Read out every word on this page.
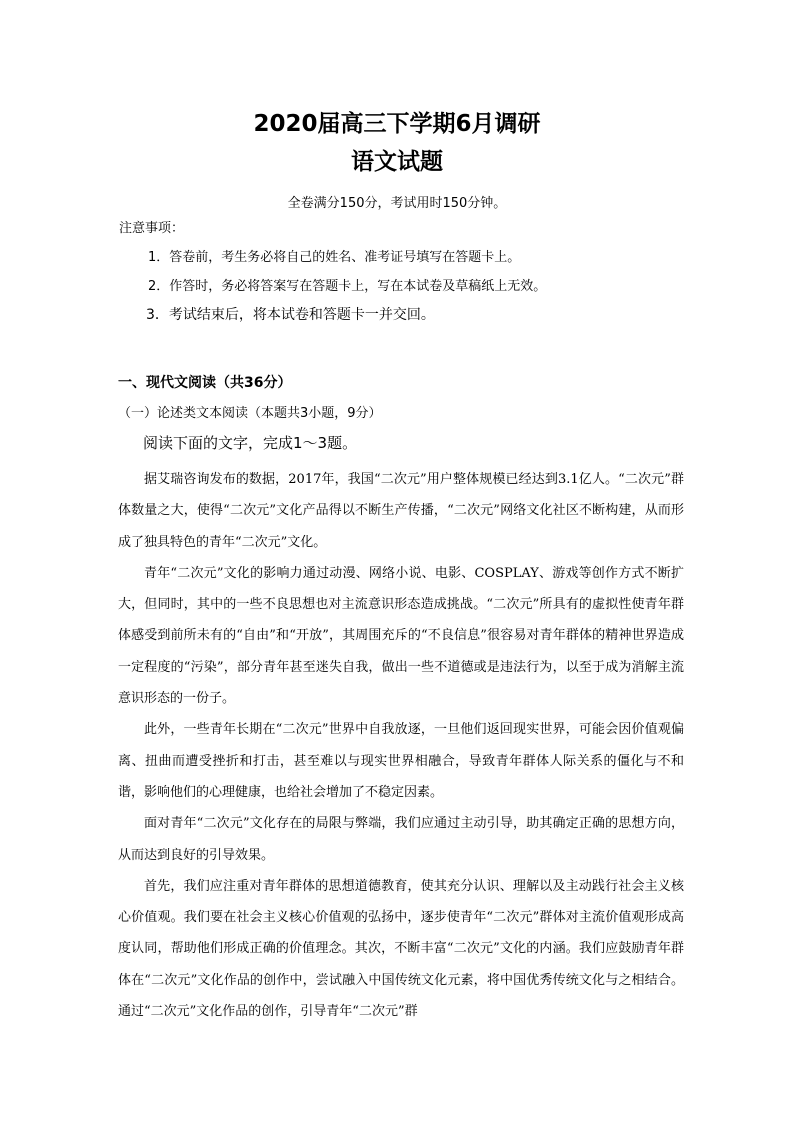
2020届高三下学期6月调研
语文试题
全卷满分150分，考试用时150分钟。
注意事项：
1．答卷前，考生务必将自己的姓名、准考证号填写在答题卡上。
2．作答时，务必将答案写在答题卡上，写在本试卷及草稿纸上无效。
3．考试结束后，将本试卷和答题卡一并交回。
一、现代文阅读（共36分）
（一）论述类文本阅读（本题共3小题，9分）
阅读下面的文字，完成1～3题。

据艾瑞咨询发布的数据，2017年，我国“二次元”用户整体规模已经达到3.1亿人。“二次元”群体数量之大，使得“二次元”文化产品得以不断生产传播，“二次元”网络文化社区不断构建，从而形成了独具特色的青年“二次元”文化。

青年“二次元”文化的影响力通过动漫、网络小说、电影、COSPLAY、游戏等创作方式不断扩大，但同时，其中的一些不良思想也对主流意识形态造成挑战。“二次元”所具有的虚拟性使青年群体感受到前所未有的“自由”和“开放”，其周围充斥的“不良信息”很容易对青年群体的精神世界造成一定程度的“污染”，部分青年甚至迷失自我，做出一些不道德或是违法行为，以至于成为消解主流意识形态的一份子。

此外，一些青年长期在“二次元”世界中自我放逐，一旦他们返回现实世界，可能会因价值观偏离、扭曲而遭受挫折和打击，甚至难以与现实世界相融合，导致青年群体人际关系的僵化与不和谐，影响他们的心理健康，也给社会增加了不稳定因素。

面对青年“二次元”文化存在的局限与弊端，我们应通过主动引导，助其确定正确的思想方向，从而达到良好的引导效果。

首先，我们应注重对青年群体的思想道德教育，使其充分认识、理解以及主动践行社会主义核心价值观。我们要在社会主义核心价值观的弘扬中，逐步使青年“二次元”群体对主流价值观形成高度认同，帮助他们形成正确的价值理念。其次，不断丰富“二次元”文化的内涵。我们应鼓励青年群体在“二次元”文化作品的创作中，尝试融入中国传统文化元素，将中国优秀传统文化与之相结合。通过“二次元”文化作品的创作，引导青年“二次元”群
